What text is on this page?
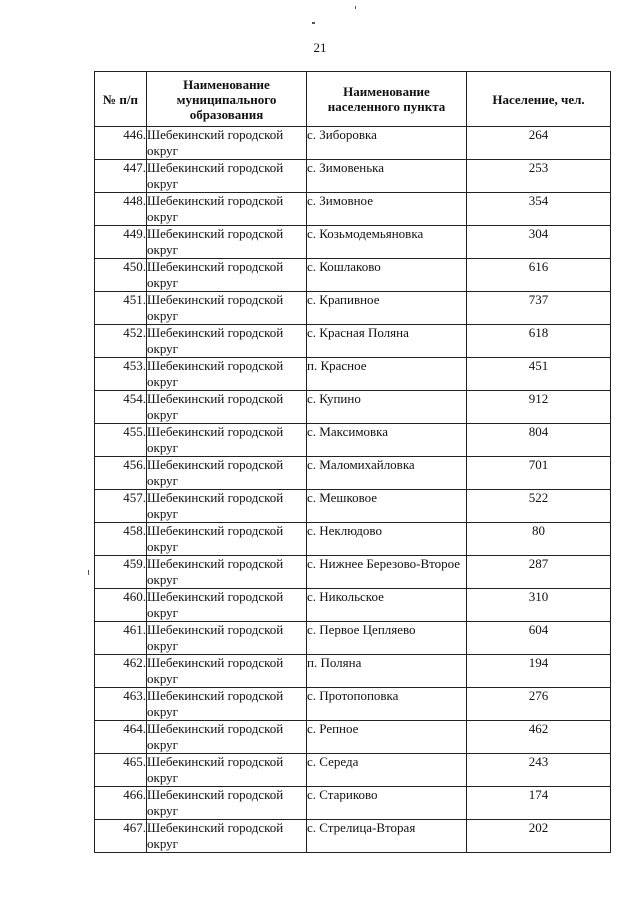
21
№ п/п	Наименование муниципального образования	Наименование населенного пункта	Население, чел.
446.	Шебекинский городской округ	с. Зиборовка	264
447.	Шебекинский городской округ	с. Зимовенька	253
448.	Шебекинский городской округ	с. Зимовное	354
449.	Шебекинский городской округ	с. Козьмодемьяновка	304
450.	Шебекинский городской округ	с. Кошлаково	616
451.	Шебекинский городской округ	с. Крапивное	737
452.	Шебекинский городской округ	с. Красная Поляна	618
453.	Шебекинский городской округ	п. Красное	451
454.	Шебекинский городской округ	с. Купино	912
455.	Шебекинский городской округ	с. Максимовка	804
456.	Шебекинский городской округ	с. Маломихайловка	701
457.	Шебекинский городской округ	с. Мешковое	522
458.	Шебекинский городской округ	с. Неклюдово	80
459.	Шебекинский городской округ	с. Нижнее Березово-Второе	287
460.	Шебекинский городской округ	с. Никольское	310
461.	Шебекинский городской округ	с. Первое Цепляево	604
462.	Шебекинский городской округ	п. Поляна	194
463.	Шебекинский городской округ	с. Протопоповка	276
464.	Шебекинский городской округ	с. Репное	462
465.	Шебекинский городской округ	с. Середа	243
466.	Шебекинский городской округ	с. Стариково	174
467.	Шебекинский городской округ	с. Стрелица-Вторая	202
